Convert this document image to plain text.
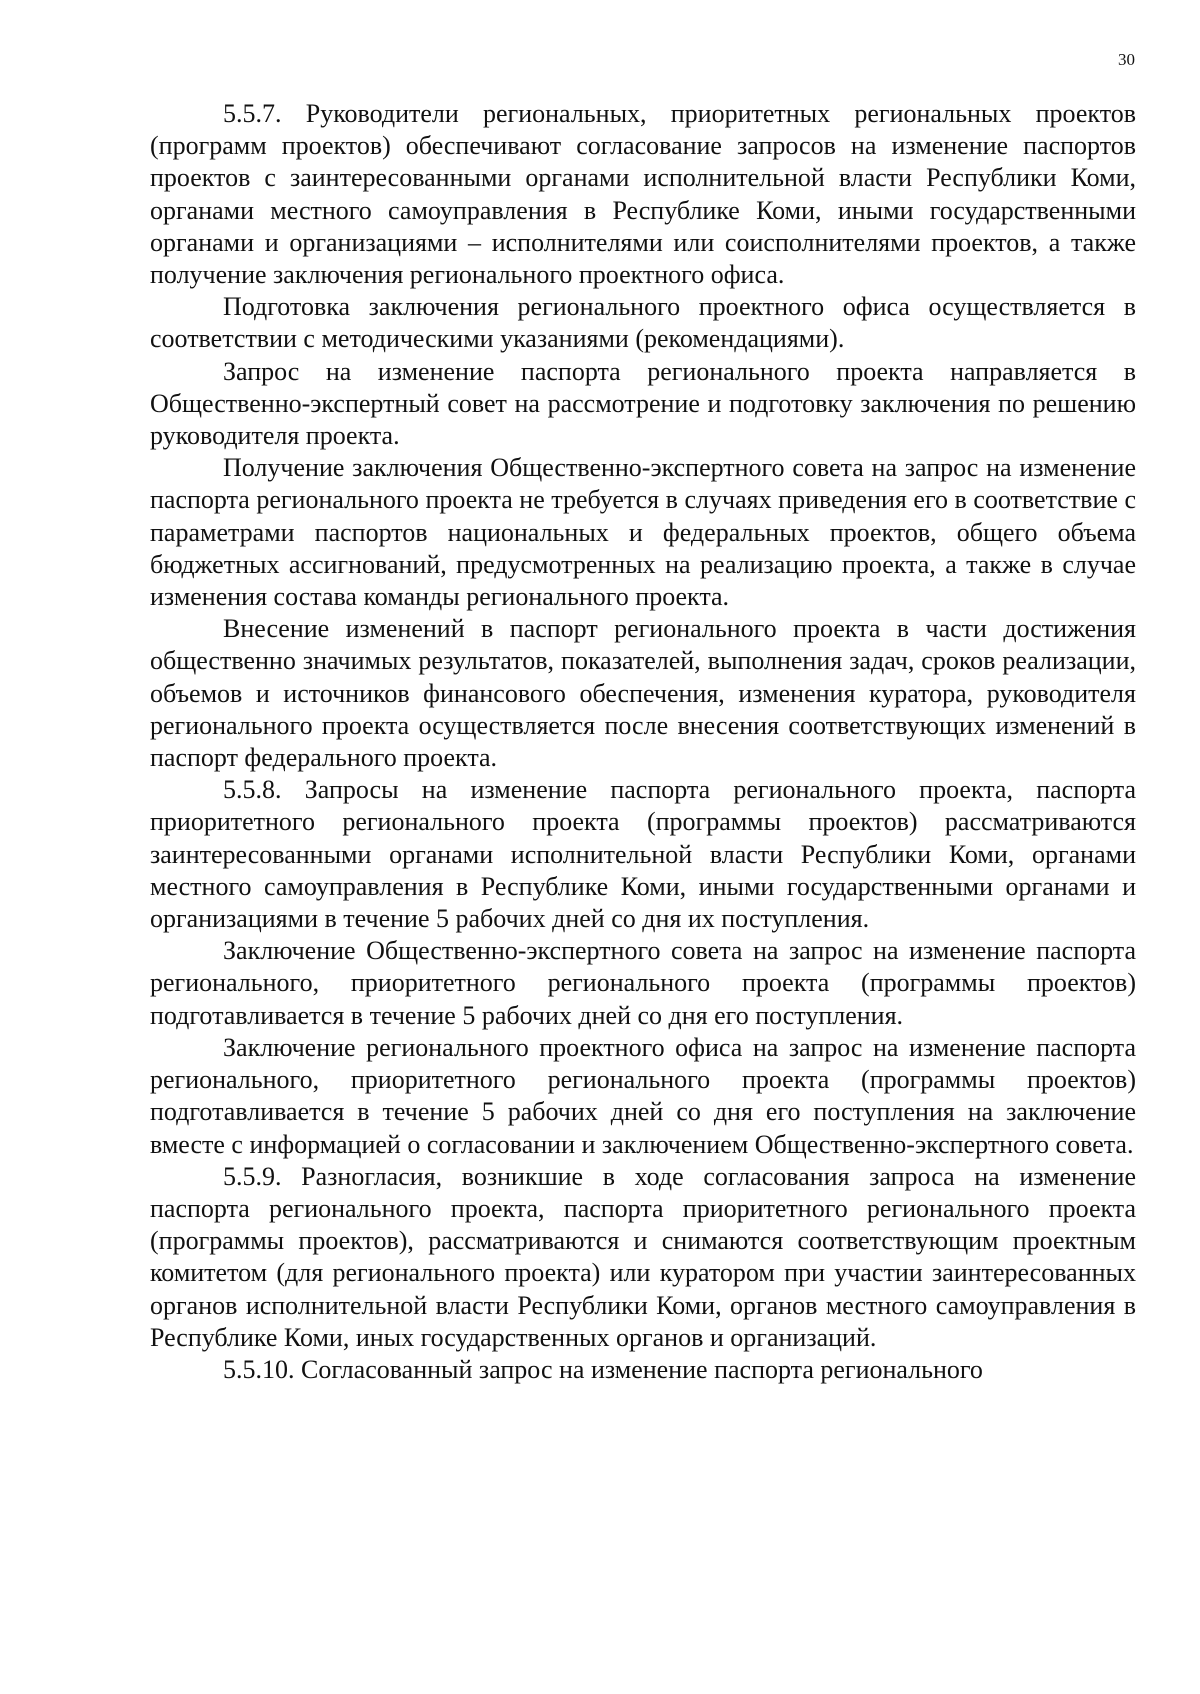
30

5.5.7. Руководители региональных, приоритетных региональных проектов (программ проектов) обеспечивают согласование запросов на изменение паспортов проектов с заинтересованными органами исполнительной власти Республики Коми, органами местного самоуправления в Республике Коми, иными государственными органами и организациями – исполнителями или соисполнителями проектов, а также получение заключения регионального проектного офиса.

Подготовка заключения регионального проектного офиса осуществляется в соответствии с методическими указаниями (рекомендациями).

Запрос на изменение паспорта регионального проекта направляется в Общественно-экспертный совет на рассмотрение и подготовку заключения по решению руководителя проекта.

Получение заключения Общественно-экспертного совета на запрос на изменение паспорта регионального проекта не требуется в случаях приведения его в соответствие с параметрами паспортов национальных и федеральных проектов, общего объема бюджетных ассигнований, предусмотренных на реализацию проекта, а также в случае изменения состава команды регионального проекта.

Внесение изменений в паспорт регионального проекта в части достижения общественно значимых результатов, показателей, выполнения задач, сроков реализации, объемов и источников финансового обеспечения, изменения куратора, руководителя регионального проекта осуществляется после внесения соответствующих изменений в паспорт федерального проекта.

5.5.8. Запросы на изменение паспорта регионального проекта, паспорта приоритетного регионального проекта (программы проектов) рассматриваются заинтересованными органами исполнительной власти Республики Коми, органами местного самоуправления в Республике Коми, иными государственными органами и организациями в течение 5 рабочих дней со дня их поступления.

Заключение Общественно-экспертного совета на запрос на изменение паспорта регионального, приоритетного регионального проекта (программы проектов) подготавливается в течение 5 рабочих дней со дня его поступления.

Заключение регионального проектного офиса на запрос на изменение паспорта регионального, приоритетного регионального проекта (программы проектов) подготавливается в течение 5 рабочих дней со дня его поступления на заключение вместе с информацией о согласовании и заключением Общественно-экспертного совета.

5.5.9. Разногласия, возникшие в ходе согласования запроса на изменение паспорта регионального проекта, паспорта приоритетного регионального проекта (программы проектов), рассматриваются и снимаются соответствующим проектным комитетом (для регионального проекта) или куратором при участии заинтересованных органов исполнительной власти Республики Коми, органов местного самоуправления в Республике Коми, иных государственных органов и организаций.

5.5.10. Согласованный запрос на изменение паспорта регионального
